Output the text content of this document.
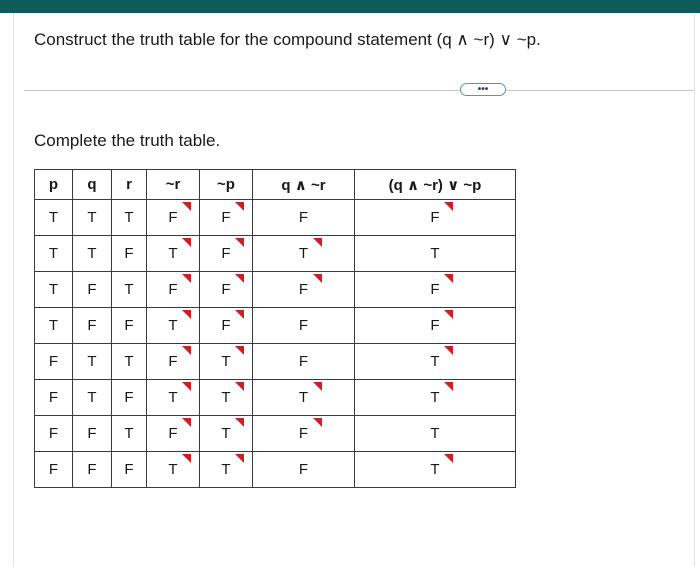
Construct the truth table for the compound statement (q ∧ ~r) ∨ ~p.
•••
Complete the truth table.
p	q	r	~r	~p	q ∧ ~r	(q ∧ ~r) ∨ ~p
T	T	T	F	F	F	F

T	T	F	T	F	T	T
T	F	T	F	F	F	F

T	F	F	T	F	F	F

F	T	T	F	T	F	T

F	T	F	T	T	T	T

F	F	T	F	T	F	T
F	F	F	T	T	F	T
